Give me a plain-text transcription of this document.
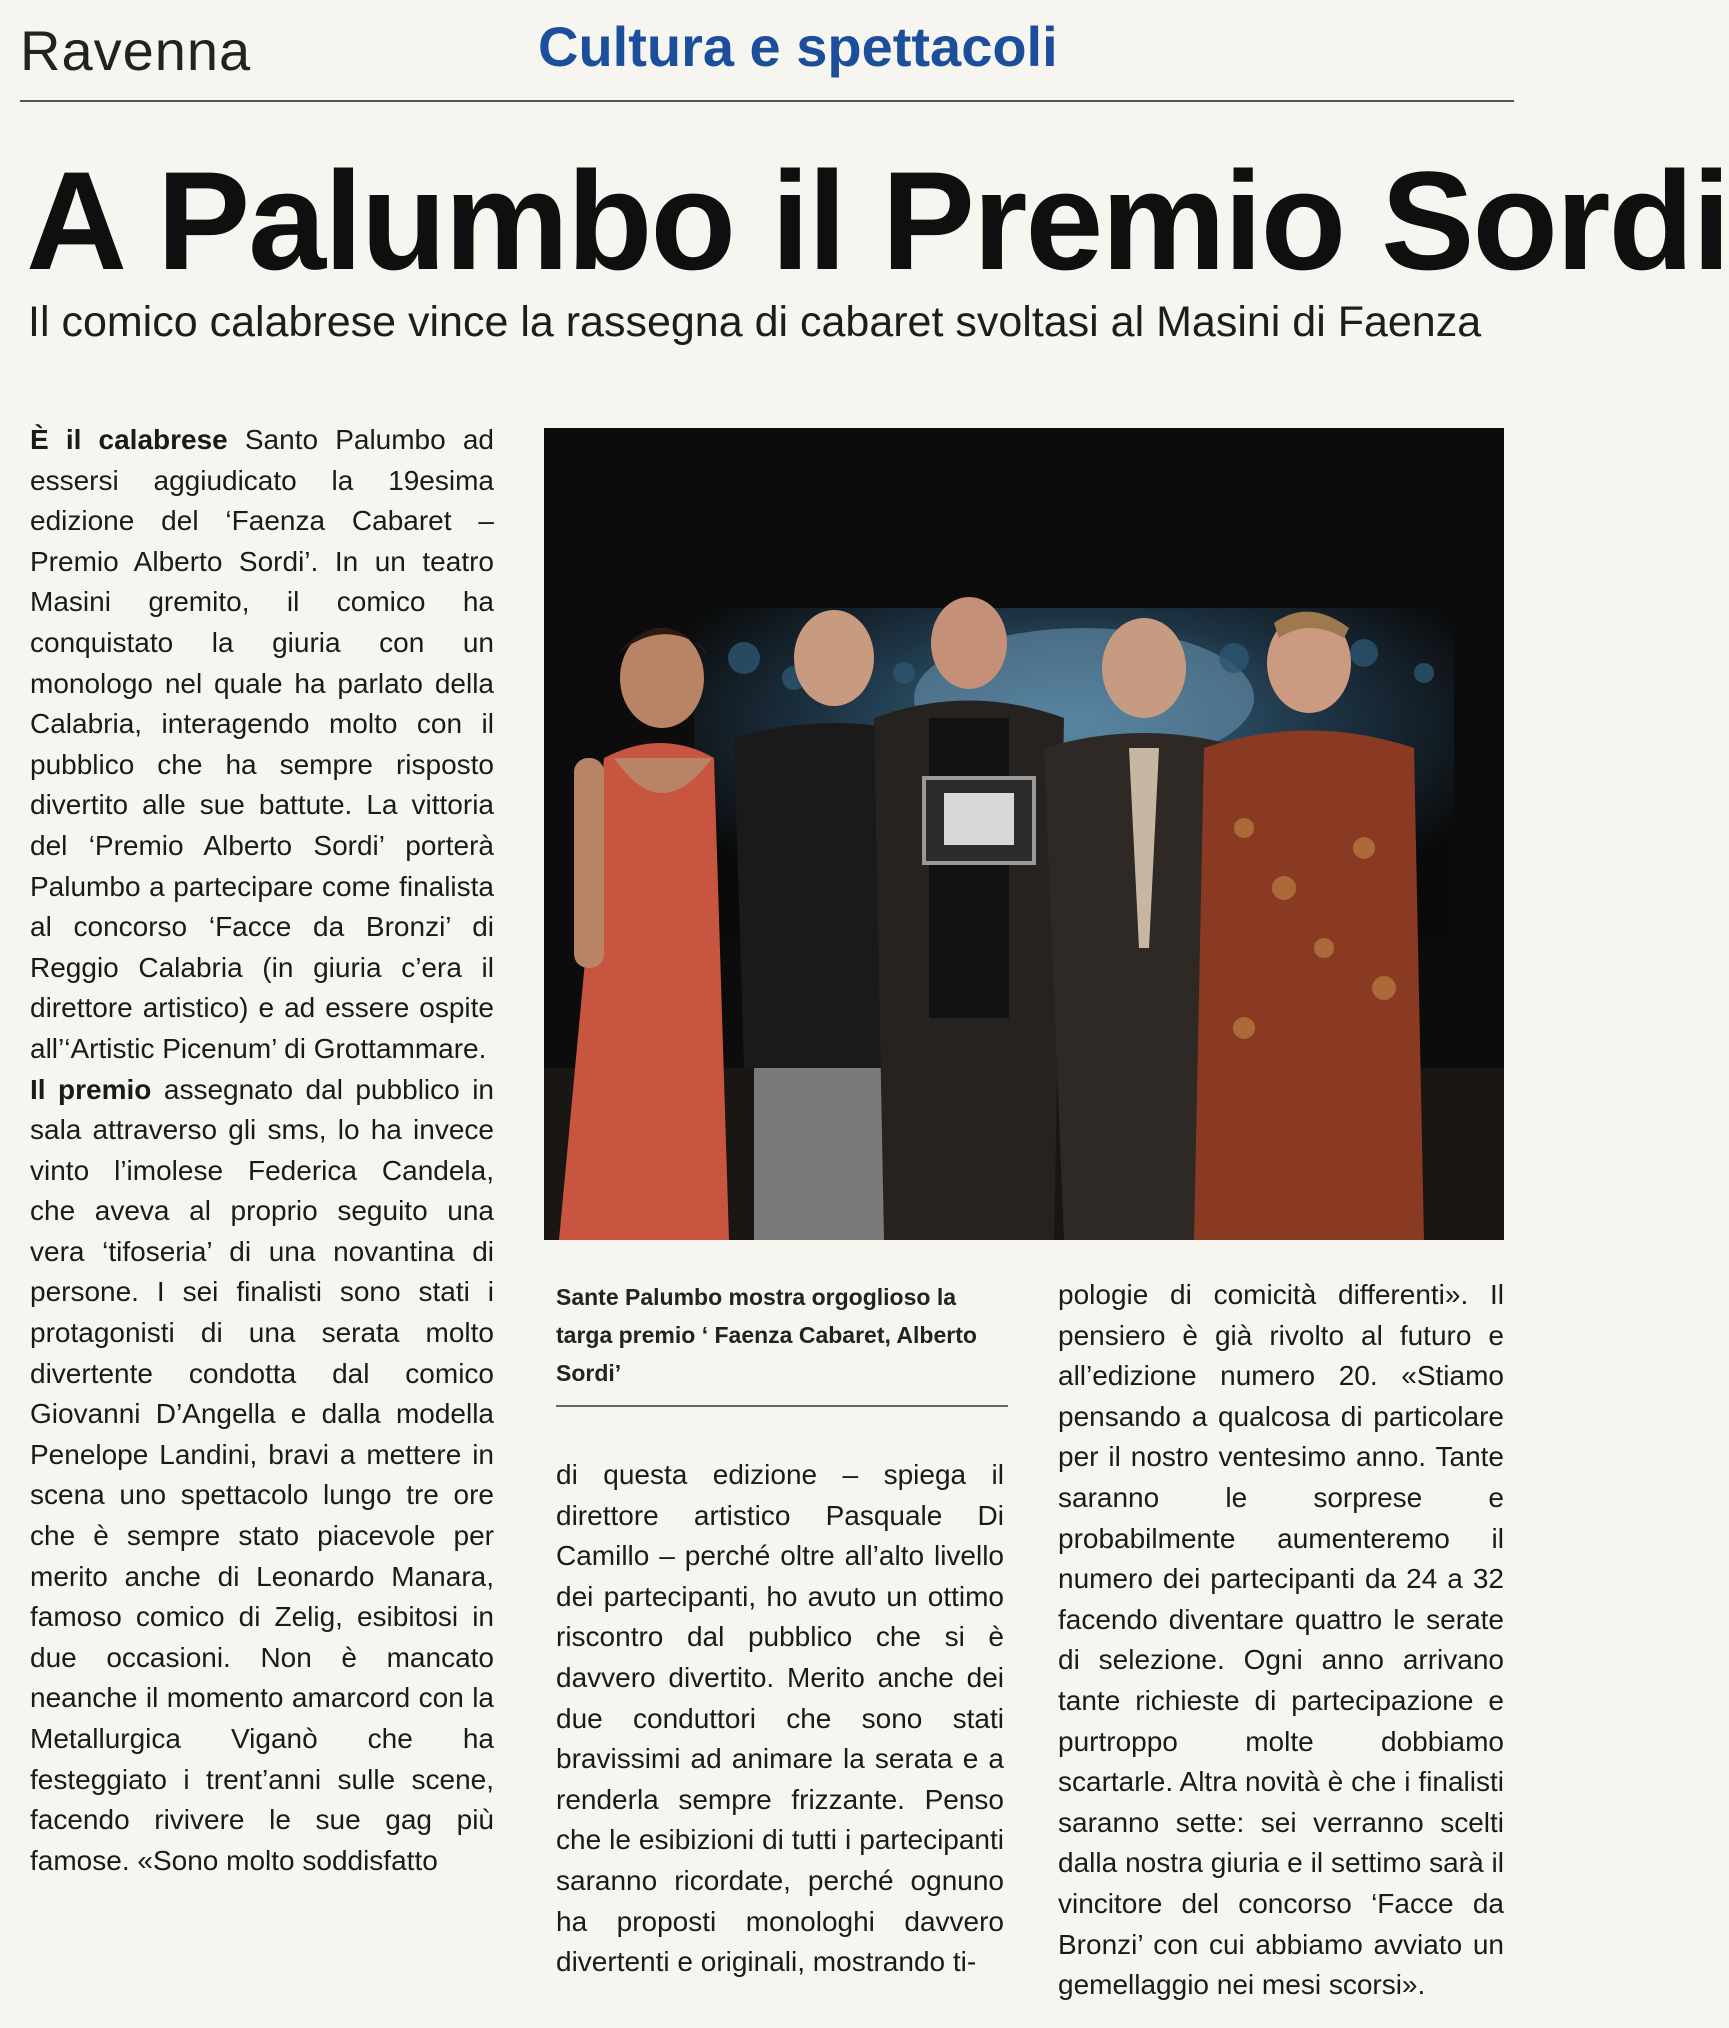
Ravenna	Cultura e spettacoli
A Palumbo il Premio Sordi
Il comico calabrese vince la rassegna di cabaret svoltasi al Masini di Faenza

È il calabrese Santo Palumbo ad essersi aggiudicato la 19esima edizione del ‘Faenza Cabaret – Premio Alberto Sordi’. In un teatro Masini gremito, il comico ha conquistato la giuria con un monologo nel quale ha parlato della Calabria, interagendo molto con il pubblico che ha sempre risposto divertito alle sue battute. La vittoria del ‘Premio Alberto Sordi’ porterà Palumbo a partecipare come finalista al concorso ‘Facce da Bronzi’ di Reggio Calabria (in giuria c’era il direttore artistico) e ad essere ospite all’‘Artistic Picenum’ di Grottammare.

Il premio assegnato dal pubblico in sala attraverso gli sms, lo ha invece vinto l’imolese Federica Candela, che aveva al proprio seguito una vera ‘tifoseria’ di una novantina di persone. I sei finalisti sono stati i protagonisti di una serata molto divertente condotta dal comico Giovanni D’Angella e dalla modella Penelope Landini, bravi a mettere in scena uno spettacolo lungo tre ore che è sempre stato piacevole per merito anche di Leonardo Manara, famoso comico di Zelig, esibitosi in due occasioni. Non è mancato neanche il momento amarcord con la Metallurgica Viganò che ha festeggiato i trent’anni sulle scene, facendo rivivere le sue gag più famose. «Sono molto soddisfatto

Sante Palumbo mostra orgoglioso la targa premio ‘ Faenza Cabaret, Alberto Sordi’

di questa edizione – spiega il direttore artistico Pasquale Di Camillo – perché oltre all’alto livello dei partecipanti, ho avuto un ottimo riscontro dal pubblico che si è davvero divertito. Merito anche dei due conduttori che sono stati bravissimi ad animare la serata e a renderla sempre frizzante. Penso che le esibizioni di tutti i partecipanti saranno ricordate, perché ognuno ha proposti monologhi davvero divertenti e originali, mostrando ti-

pologie di comicità differenti». Il pensiero è già rivolto al futuro e all’edizione numero 20. «Stiamo pensando a qualcosa di particolare per il nostro ventesimo anno. Tante saranno le sorprese e probabilmente aumenteremo il numero dei partecipanti da 24 a 32 facendo diventare quattro le serate di selezione. Ogni anno arrivano tante richieste di partecipazione e purtroppo molte dobbiamo scartarle. Altra novità è che i finalisti saranno sette: sei verranno scelti dalla nostra giuria e il settimo sarà il vincitore del concorso ‘Facce da Bronzi’ con cui abbiamo avviato un gemellaggio nei mesi scorsi».
